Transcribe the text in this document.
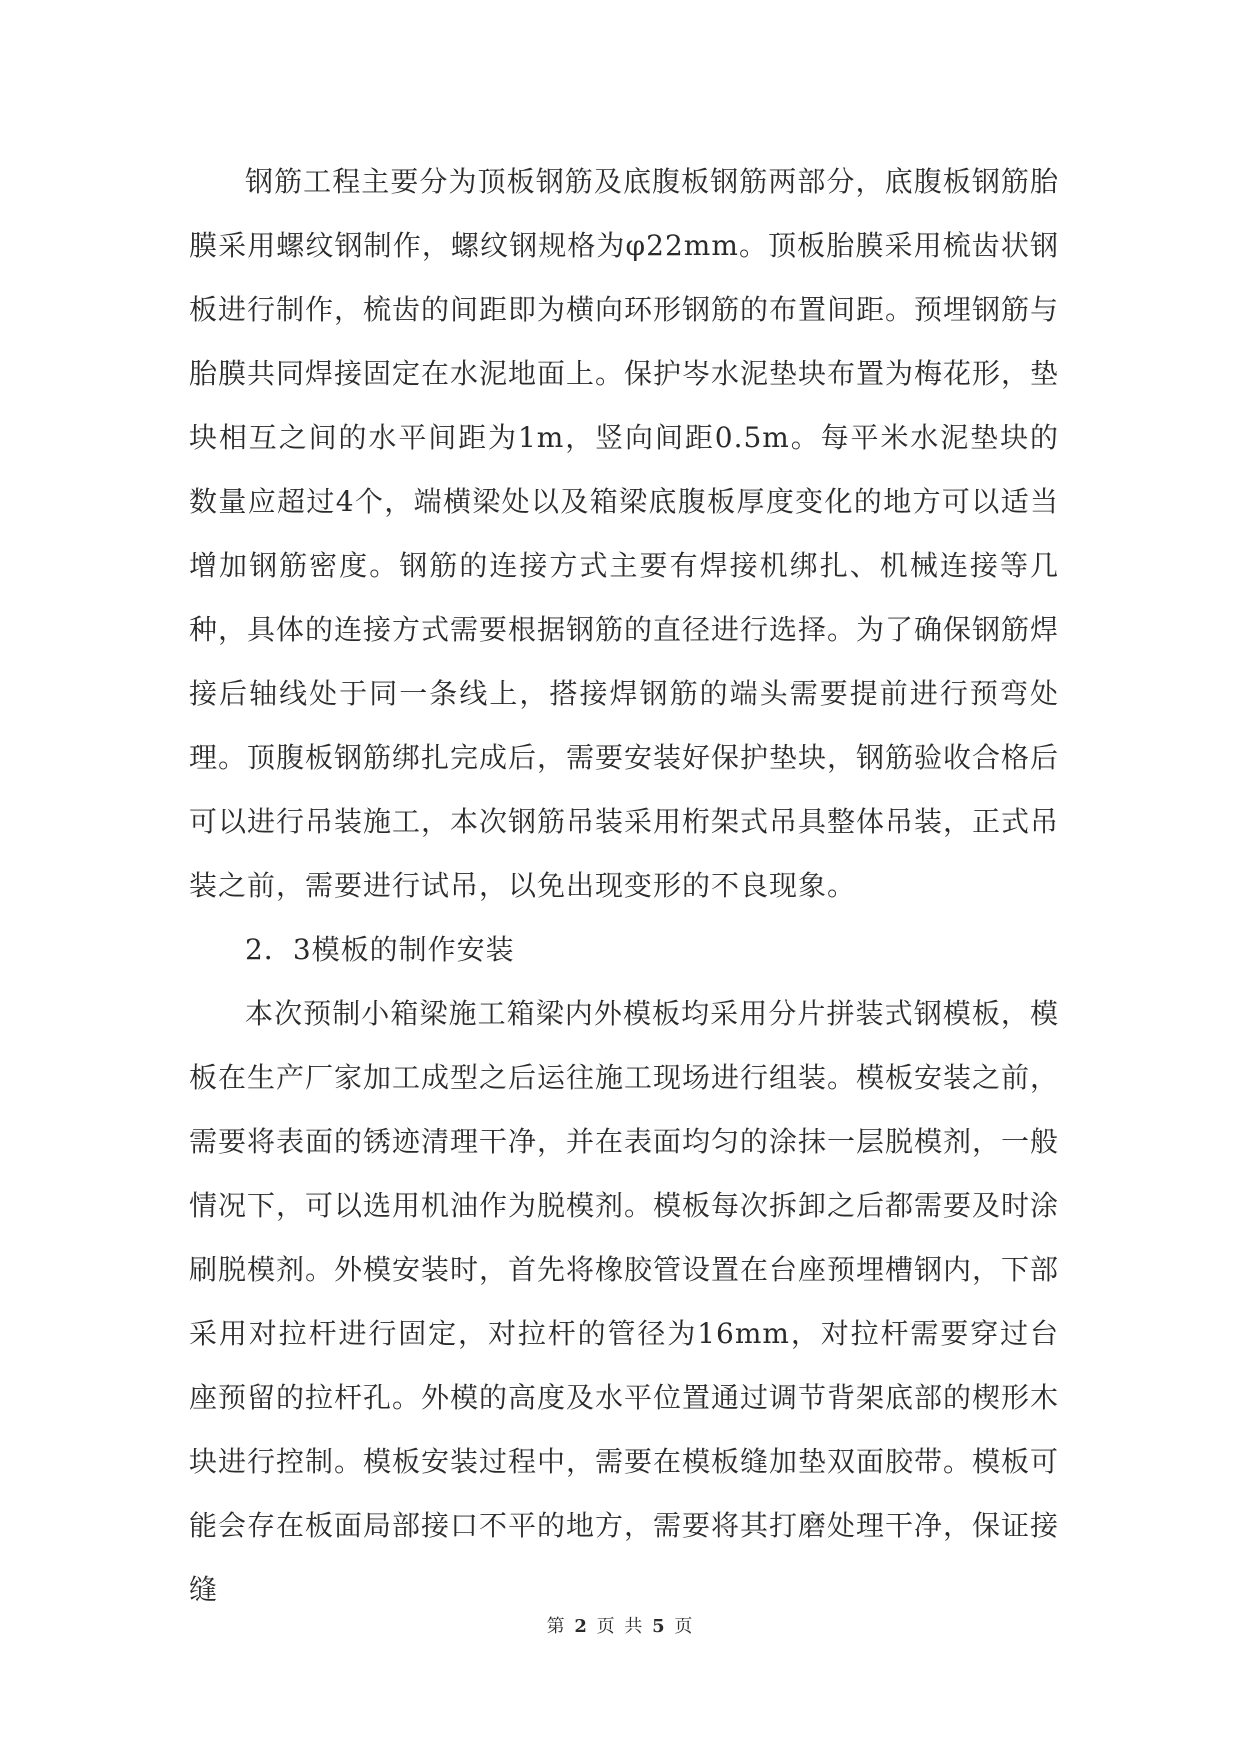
钢筋工程主要分为顶板钢筋及底腹板钢筋两部分，底腹板钢筋胎膜采用螺纹钢制作，螺纹钢规格为φ22mm。顶板胎膜采用梳齿状钢板进行制作，梳齿的间距即为横向环形钢筋的布置间距。预埋钢筋与胎膜共同焊接固定在水泥地面上。保护岑水泥垫块布置为梅花形，垫块相互之间的水平间距为1m，竖向间距0.5m。每平米水泥垫块的数量应超过4个，端横梁处以及箱梁底腹板厚度变化的地方可以适当增加钢筋密度。钢筋的连接方式主要有焊接机绑扎、机械连接等几种，具体的连接方式需要根据钢筋的直径进行选择。为了确保钢筋焊接后轴线处于同一条线上，搭接焊钢筋的端头需要提前进行预弯处理。顶腹板钢筋绑扎完成后，需要安装好保护垫块，钢筋验收合格后可以进行吊装施工，本次钢筋吊装采用桁架式吊具整体吊装，正式吊装之前，需要进行试吊，以免出现变形的不良现象。

2．3模板的制作安装

本次预制小箱梁施工箱梁内外模板均采用分片拼装式钢模板，模板在生产厂家加工成型之后运往施工现场进行组装。模板安装之前，需要将表面的锈迹清理干净，并在表面均匀的涂抹一层脱模剂，一般情况下，可以选用机油作为脱模剂。模板每次拆卸之后都需要及时涂刷脱模剂。外模安装时，首先将橡胶管设置在台座预埋槽钢内，下部采用对拉杆进行固定，对拉杆的管径为16mm，对拉杆需要穿过台座预留的拉杆孔。外模的高度及水平位置通过调节背架底部的楔形木块进行控制。模板安装过程中，需要在模板缝加垫双面胶带。模板可能会存在板面局部接口不平的地方，需要将其打磨处理干净，保证接缝

第 2 页 共 5 页
